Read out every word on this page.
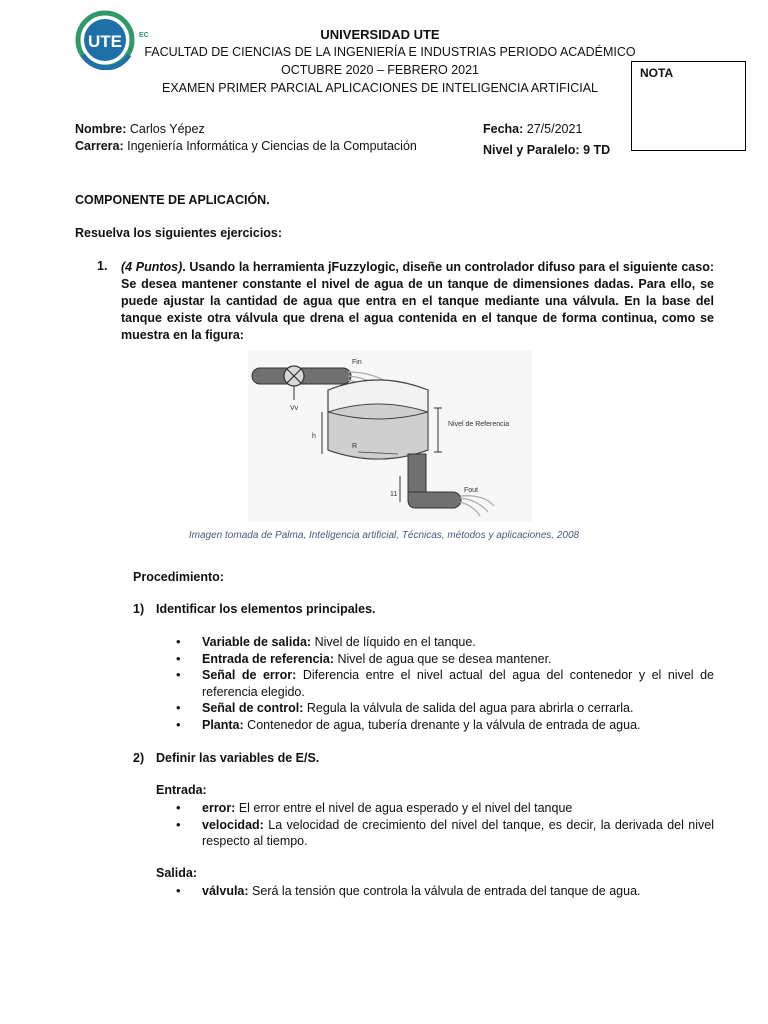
UTE EC	UNIVERSIDAD UTE
FACULTAD DE CIENCIAS DE LA INGENIERÍA E INDUSTRIAS PERIODO ACADÉMICO
OCTUBRE 2020 – FEBRERO 2021
EXAMEN PRIMER PARCIAL APLICACIONES DE INTELIGENCIA ARTIFICIAL
NOTA
Nombre: Carlos Yépez
Carrera: Ingeniería Informática y Ciencias de la Computación
Fecha: 27/5/2021
Nivel y Paralelo: 9 TD
COMPONENTE DE APLICACIÓN.
Resuelva los siguientes ejercicios:
1. (4 Puntos). Usando la herramienta jFuzzylogic, diseñe un controlador difuso para el siguiente caso: Se desea mantener constante el nivel de agua de un tanque de dimensiones dadas. Para ello, se puede ajustar la cantidad de agua que entra en el tanque mediante una válvula. En la base del tanque existe otra válvula que drena el agua contenida en el tanque de forma continua, como se muestra en la figura:
Vv
Fin
R
h
Nivel de Referencia
11
Fout
Imagen tomada de Palma, Inteligencia artificial, Técnicas, métodos y aplicaciones, 2008
Procedimiento:
1) Identificar los elementos principales.
• Variable de salida: Nivel de líquido en el tanque.
• Entrada de referencia: Nivel de agua que se desea mantener.
• Señal de error: Diferencia entre el nivel actual del agua del contenedor y el nivel de referencia elegido.
• Señal de control: Regula la válvula de salida del agua para abrirla o cerrarla.
• Planta: Contenedor de agua, tubería drenante y la válvula de entrada de agua.
2) Definir las variables de E/S.
Entrada:
• error: El error entre el nivel de agua esperado y el nivel del tanque
• velocidad: La velocidad de crecimiento del nivel del tanque, es decir, la derivada del nivel respecto al tiempo.
Salida:
• válvula: Será la tensión que controla la válvula de entrada del tanque de agua.
